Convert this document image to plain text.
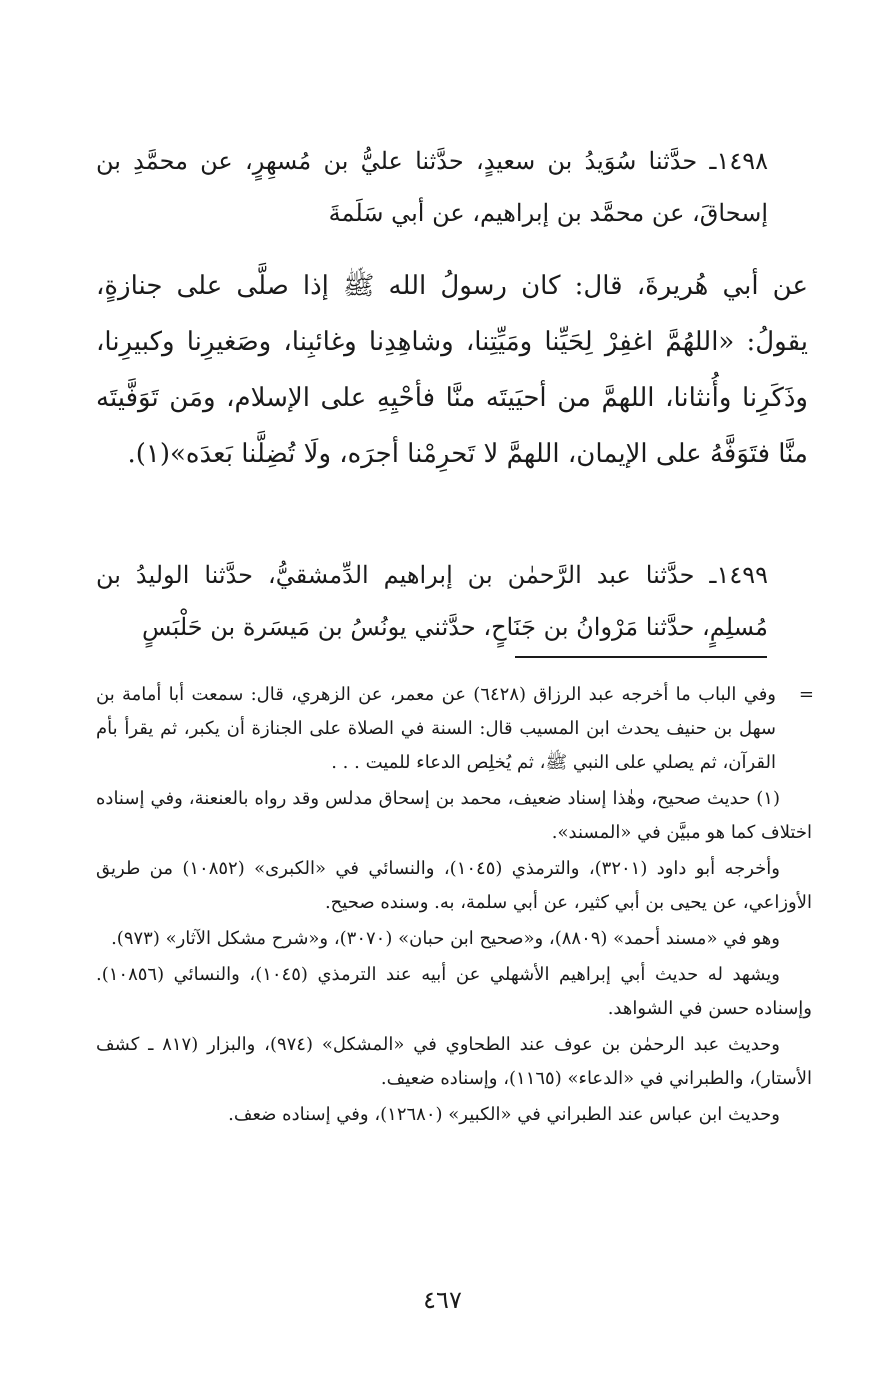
١٤٩٨ـ حدَّثنا سُوَيدُ بن سعيدٍ، حدَّثنا عليُّ بن مُسهِرٍ، عن محمَّدِ بن إسحاقَ، عن محمَّد بن إبراهيم، عن أبي سَلَمةَ

عن أبي هُريرةَ، قال: كان رسولُ الله ﷺ إذا صلَّى على جنازةٍ، يقولُ: «اللهُمَّ اغفِرْ لِحَيِّنا ومَيِّتِنا، وشاهِدِنا وغائبِنا، وصَغيرِنا وكبيرِنا، وذَكَرِنا وأُنثانا، اللهمَّ من أحيَيتَه منَّا فأحْيِهِ على الإسلام، ومَن تَوَفَّيتَه منَّا فتَوَفَّهُ على الإيمان، اللهمَّ لا تَحرِمْنا أجرَه، ولَا تُضِلَّنا بَعدَه»(١).

١٤٩٩ـ حدَّثنا عبد الرَّحمٰن بن إبراهيم الدِّمشقيُّ، حدَّثنا الوليدُ بن مُسلِمٍ، حدَّثنا مَرْوانُ بن جَنَاحٍ، حدَّثني يونُسُ بن مَيسَرة بن حَلْبَسٍ

=

وفي الباب ما أخرجه عبد الرزاق (٦٤٢٨) عن معمر، عن الزهري، قال: سمعت أبا أمامة بن سهل بن حنيف يحدث ابن المسيب قال: السنة في الصلاة على الجنازة أن يكبر، ثم يقرأ بأم القرآن، ثم يصلي على النبي ﷺ، ثم يُخلِص الدعاء للميت . . .

(١) حديث صحيح، وهٰذا إسناد ضعيف، محمد بن إسحاق مدلس وقد رواه بالعنعنة، وفي إسناده اختلاف كما هو مبيَّن في «المسند».

وأخرجه أبو داود (٣٢٠١)، والترمذي (١٠٤٥)، والنسائي في «الكبرى» (١٠٨٥٢) من طريق الأوزاعي، عن يحيى بن أبي كثير، عن أبي سلمة، به. وسنده صحيح.

وهو في «مسند أحمد» (٨٨٠٩)، و«صحيح ابن حبان» (٣٠٧٠)، و«شرح مشكل الآثار» (٩٧٣).

ويشهد له حديث أبي إبراهيم الأشهلي عن أبيه عند الترمذي (١٠٤٥)، والنسائي (١٠٨٥٦). وإسناده حسن في الشواهد.

وحديث عبد الرحمٰن بن عوف عند الطحاوي في «المشكل» (٩٧٤)، والبزار (٨١٧ ـ كشف الأستار)، والطبراني في «الدعاء» (١١٦٥)، وإسناده ضعيف.

وحديث ابن عباس عند الطبراني في «الكبير» (١٢٦٨٠)، وفي إسناده ضعف.

٤٦٧
